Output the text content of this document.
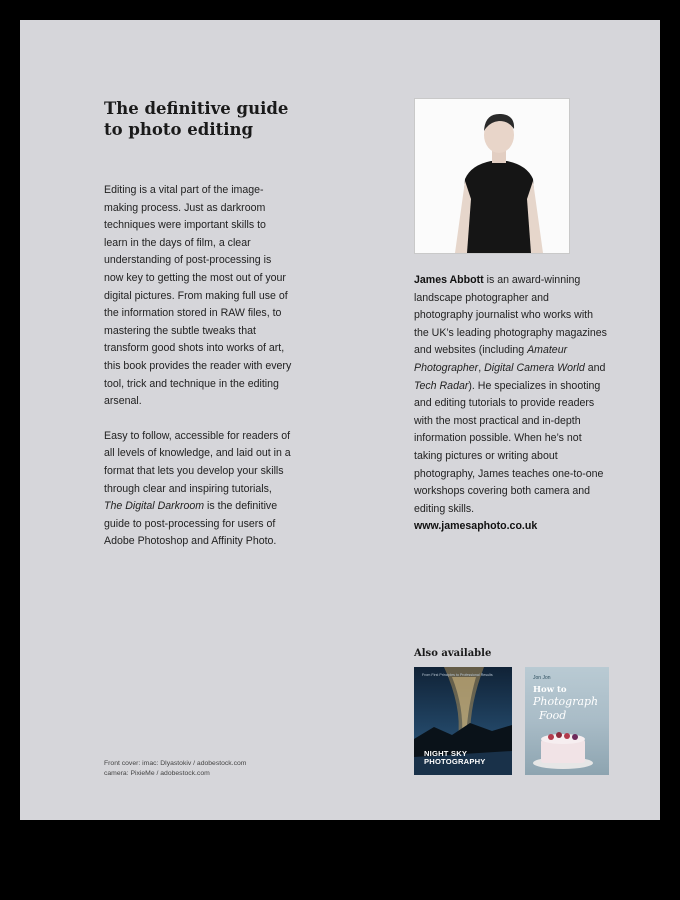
The definitive guide
to photo editing

Editing is a vital part of the image-making process. Just as darkroom techniques were important skills to learn in the days of film, a clear understanding of post-processing is now key to getting the most out of your digital pictures. From making full use of the information stored in RAW files, to mastering the subtle tweaks that transform good shots into works of art, this book provides the reader with every tool, trick and technique in the editing arsenal.

Easy to follow, accessible for readers of all levels of knowledge, and laid out in a format that lets you develop your skills through clear and inspiring tutorials, The Digital Darkroom is the definitive guide to post-processing for users of Adobe Photoshop and Affinity Photo.

James Abbott is an award-winning landscape photographer and photography journalist who works with the UK’s leading photography magazines and websites (including Amateur Photographer, Digital Camera World and Tech Radar). He specializes in shooting and editing tutorials to provide readers with the most practical and in-depth information possible. When he’s not taking pictures or writing about photography, James teaches one-to-one workshops covering both camera and editing skills.
www.jamesaphoto.co.uk
Also available
From First Principles to Professional Results
NIGHT SKY
PHOTOGRAPHY
Jon Jon
How to
Photograph
Food
Front cover: imac: Dlyastokiv / adobestock.com
camera: PixieMe / adobestock.com
